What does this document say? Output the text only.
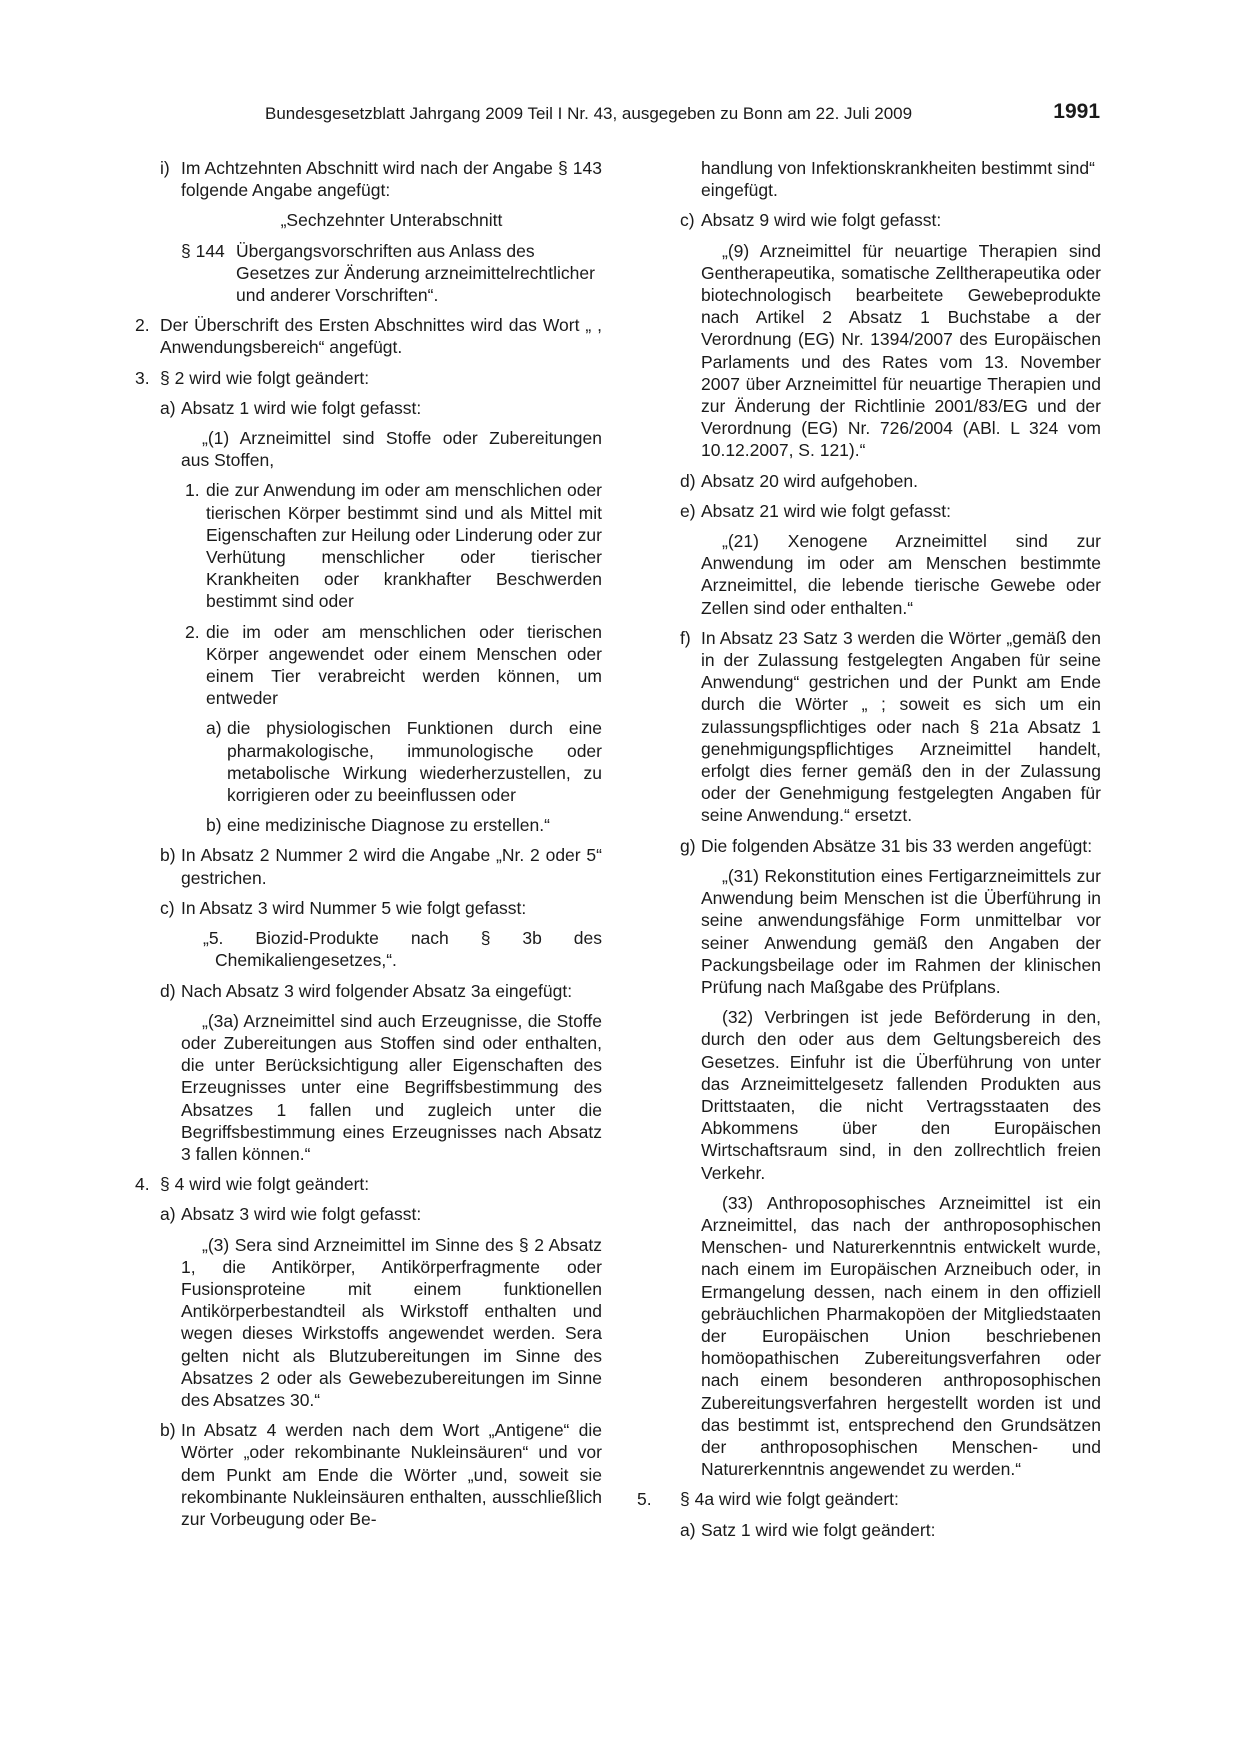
Bundesgesetzblatt Jahrgang 2009 Teil I Nr. 43, ausgegeben zu Bonn am 22. Juli 2009	1991
i) Im Achtzehnten Abschnitt wird nach der Angabe § 143 folgende Angabe angefügt:
„Sechzehnter Unterabschnitt
§ 144 Übergangsvorschriften aus Anlass des Gesetzes zur Änderung arzneimittelrechtlicher und anderer Vorschriften“.
2. Der Überschrift des Ersten Abschnittes wird das Wort „ , Anwendungsbereich“ angefügt.
3. § 2 wird wie folgt geändert:
a) Absatz 1 wird wie folgt gefasst:
„(1) Arzneimittel sind Stoffe oder Zubereitungen aus Stoffen,
1. die zur Anwendung im oder am menschlichen oder tierischen Körper bestimmt sind und als Mittel mit Eigenschaften zur Heilung oder Linderung oder zur Verhütung menschlicher oder tierischer Krankheiten oder krankhafter Beschwerden bestimmt sind oder
2. die im oder am menschlichen oder tierischen Körper angewendet oder einem Menschen oder einem Tier verabreicht werden können, um entweder
a) die physiologischen Funktionen durch eine pharmakologische, immunologische oder metabolische Wirkung wiederherzustellen, zu korrigieren oder zu beeinflussen oder
b) eine medizinische Diagnose zu erstellen.“
b) In Absatz 2 Nummer 2 wird die Angabe „Nr. 2 oder 5“ gestrichen.
c) In Absatz 3 wird Nummer 5 wie folgt gefasst:
„5. Biozid-Produkte nach § 3b des Chemikaliengesetzes,“.
d) Nach Absatz 3 wird folgender Absatz 3a eingefügt:
„(3a) Arzneimittel sind auch Erzeugnisse, die Stoffe oder Zubereitungen aus Stoffen sind oder enthalten, die unter Berücksichtigung aller Eigenschaften des Erzeugnisses unter eine Begriffsbestimmung des Absatzes 1 fallen und zugleich unter die Begriffsbestimmung eines Erzeugnisses nach Absatz 3 fallen können.“
4. § 4 wird wie folgt geändert:
a) Absatz 3 wird wie folgt gefasst:
„(3) Sera sind Arzneimittel im Sinne des § 2 Absatz 1, die Antikörper, Antikörperfragmente oder Fusionsproteine mit einem funktionellen Antikörperbestandteil als Wirkstoff enthalten und wegen dieses Wirkstoffs angewendet werden. Sera gelten nicht als Blutzubereitungen im Sinne des Absatzes 2 oder als Gewebezubereitungen im Sinne des Absatzes 30.“
b) In Absatz 4 werden nach dem Wort „Antigene“ die Wörter „oder rekombinante Nukleinsäuren“ und vor dem Punkt am Ende die Wörter „und, soweit sie rekombinante Nukleinsäuren enthalten, ausschließlich zur Vorbeugung oder Be-
handlung von Infektionskrankheiten bestimmt sind“ eingefügt.
c) Absatz 9 wird wie folgt gefasst:
„(9) Arzneimittel für neuartige Therapien sind Gentherapeutika, somatische Zelltherapeutika oder biotechnologisch bearbeitete Gewebeprodukte nach Artikel 2 Absatz 1 Buchstabe a der Verordnung (EG) Nr. 1394/2007 des Europäischen Parlaments und des Rates vom 13. November 2007 über Arzneimittel für neuartige Therapien und zur Änderung der Richtlinie 2001/83/EG und der Verordnung (EG) Nr. 726/2004 (ABl. L 324 vom 10.12.2007, S. 121).“
d) Absatz 20 wird aufgehoben.
e) Absatz 21 wird wie folgt gefasst:
„(21) Xenogene Arzneimittel sind zur Anwendung im oder am Menschen bestimmte Arzneimittel, die lebende tierische Gewebe oder Zellen sind oder enthalten.“
f) In Absatz 23 Satz 3 werden die Wörter „gemäß den in der Zulassung festgelegten Angaben für seine Anwendung“ gestrichen und der Punkt am Ende durch die Wörter „ ; soweit es sich um ein zulassungspflichtiges oder nach § 21a Absatz 1 genehmigungspflichtiges Arzneimittel handelt, erfolgt dies ferner gemäß den in der Zulassung oder der Genehmigung festgelegten Angaben für seine Anwendung.“ ersetzt.
g) Die folgenden Absätze 31 bis 33 werden angefügt:
„(31) Rekonstitution eines Fertigarzneimittels zur Anwendung beim Menschen ist die Überführung in seine anwendungsfähige Form unmittelbar vor seiner Anwendung gemäß den Angaben der Packungsbeilage oder im Rahmen der klinischen Prüfung nach Maßgabe des Prüfplans.
(32) Verbringen ist jede Beförderung in den, durch den oder aus dem Geltungsbereich des Gesetzes. Einfuhr ist die Überführung von unter das Arzneimittelgesetz fallenden Produkten aus Drittstaaten, die nicht Vertragsstaaten des Abkommens über den Europäischen Wirtschaftsraum sind, in den zollrechtlich freien Verkehr.
(33) Anthroposophisches Arzneimittel ist ein Arzneimittel, das nach der anthroposophischen Menschen- und Naturerkenntnis entwickelt wurde, nach einem im Europäischen Arzneibuch oder, in Ermangelung dessen, nach einem in den offiziell gebräuchlichen Pharmakopöen der Mitgliedstaaten der Europäischen Union beschriebenen homöopathischen Zubereitungsverfahren oder nach einem besonderen anthroposophischen Zubereitungsverfahren hergestellt worden ist und das bestimmt ist, entsprechend den Grundsätzen der anthroposophischen Menschen- und Naturerkenntnis angewendet zu werden.“
5. § 4a wird wie folgt geändert:
a) Satz 1 wird wie folgt geändert:
